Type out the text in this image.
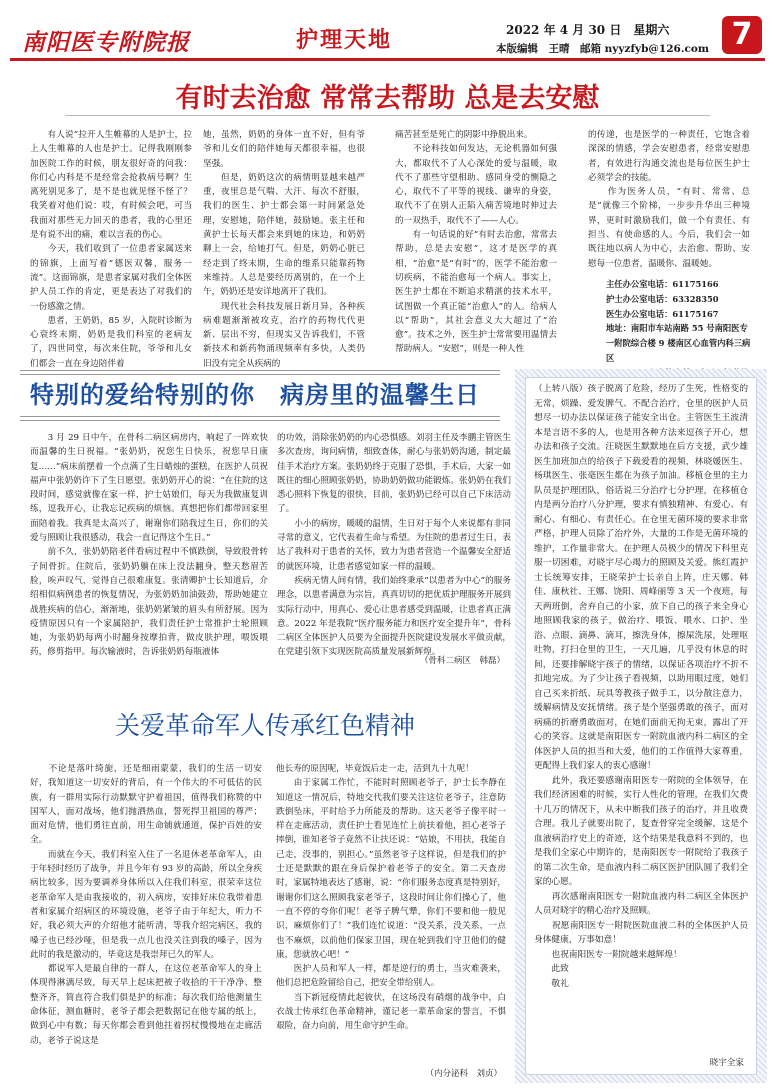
南阳医专附院报	护理天地	2022 年 4 月 30 日　星期六
本版编辑　王晴　邮箱 nyyzfyb@126.com 7
有时去治愈 常常去帮助 总是去安慰

　　有人说“拉开人生帷幕的人是护士，拉上人生帷幕的人也是护士。记得我刚刚参加医院工作的时候，朋友很好奇的问我：你们心内科是不是经常会抢救病号啊？生离死别见多了，是不是也就见怪不怪了？我笑着对他们说：哎，有时候会吧，可当我面对那些无力回天的患者，我的心里还是有说不出的痛，难以言表的伤心。
　　今天，我们收到了一位患者家属送来的锦旗，上面写着“德医双馨，服务一流”。这面锦旗，是患者家属对我们全体医护人员工作的肯定，更是表达了对我们的一份感激之情。
　　患者，王奶奶，85 岁，入院时诊断为心衰终末期，奶奶是我们科室的老病友了，四世同堂，每次来住院，爷爷和儿女们都会一直在身边陪伴着

她，虽然，奶奶的身体一直不好，但有爷爷和儿女们的陪伴她每天都很幸福，也很坚强。
　　但是，奶奶这次的病情明显越来越严重，夜里总是气喘、大汗、每次不舒服，我们的医生、护士都会第一时间紧急处理，安慰她，陪伴她，鼓励她。张主任和黄护士长每天都会来到她的床边，和奶奶聊上一会，给她打气。但是，奶奶心脏已经走到了终末期，生命的维系只能靠药物来维持。人总是要经历离别的，在一个上午，奶奶还是安详地离开了我们。
　　现代社会科技发展日新月异，各种疾病难题渐渐被攻克，治疗的药物代代更新、层出不穷，但现实又告诉我们，不管新技术和新药物涌现频率有多快，人类仍旧没有完全从疾病的

痛苦甚至是死亡的阴影中挣脱出来。
　　不论科技如何发达，无论机器如何强大，都取代不了人心深处的爱与温暖，取代不了那些守望相助、感同身受的恻隐之心，取代不了平等的视线、谦卑的身姿，取代不了在别人正陷入痛苦境地时伸过去的一双热手，取代不了——人心。
　　有一句话说的好“有时去治愈，常常去帮助，总是去安慰”，这才是医学的真相，“治愈”是“有时”的，医学不能治愈一切疾病，不能治愈每一个病人。事实上，医生护士都在不断追求精湛的技术水平，试图做一个真正能“治愈人”的人。给病人以“帮助”，其社会意义大大超过了“治愈”。技术之外，医生护士常常要用温情去帮助病人。“安慰”，则是一种人性

的传递，也是医学的一种责任，它饱含着深深的情感，学会安慰患者，经常安慰患者，有效进行沟通交流也是每位医生护士必须学会的技能。
　　作为医务人员，“有时、常常、总是”就像三个阶梯，一步步升华出三种境界，更时时激励我们，做一个有责任、有担当、有使命感的人。今后，我们会一如既往地以病人为中心，去治愈、帮助、安慰每一位患者，温暖你、温暖她。

主任办公室电话：61175166
护士办公室电话：63328350
医生办公室电话：61175167
地址：南阳市车站南路 55 号南阳医专一附院综合楼 9 楼南区心血管内科三病区
特别的爱给特别的你　病房里的温馨生日

　　3 月 29 日中午，在骨科二病区病房内，响起了一阵欢快而温馨的生日祝福。“张奶奶，祝您生日快乐，祝您早日康复……”病床前摆着一个点满了生日蜡烛的蛋糕，在医护人员祝福声中张奶奶许下了生日愿望。张奶奶开心的说：“在住院的这段时间，感觉就像在家一样，护士姑娘们，每天为我做康复训练，逗我开心，让我忘记疾病的烦恼。真想把你们都带回家里面陪着我。我真是太高兴了，谢谢你们陪我过生日，你们的关爱与照顾让我很感动，我会一直记得这个生日。”
　　前不久，张奶奶陪老伴看病过程中不慎跌倒，导致股骨转子间骨折。住院后，张奶奶躺在床上没法翻身，整天愁眉苦脸，唉声叹气，觉得自己很难康复。张清卿护士长知道后，介绍相似病例患者的恢复情况，为张奶奶加油鼓劲，帮助她建立战胜疾病的信心，渐渐地，张奶奶紧皱的眉头有所舒展。因为疫情原因只有一个家属陪护，我们责任护士常推护士轮照顾她，为张奶奶每两小时翻身按摩拍背，做皮肤护理，喂饭喂药，修剪指甲。每次输液时，告诉张奶奶每瓶液体

的功效，消除张奶奶的内心恐惧感。刘羽主任及李鹏主管医生多次查房，询问病情，细致查体，耐心与张奶奶沟通，制定最佳手术治疗方案。张奶奶终于克服了恐惧，手术后，大家一如既往的细心照顾张奶奶，协助奶奶做功能锻炼。张奶奶在我们悉心照料下恢复的很快，目前，张奶奶已经可以自己下床活动了。
　　小小的病房，暖暖的温情，生日对于每个人来说都有非同寻常的意义，它代表着生命与希望。为住院的患者过生日，表达了我科对于患者的关怀，致力为患者营造一个温馨安全舒适的就医环境，让患者感觉如家一样的温暖。
　　疾病无情人间有情，我们始终秉承“以患者为中心”的服务理念，以患者满意为宗旨，真真切切的把优质护理服务开展到实际行动中，用真心、爱心让患者感受到温暖，让患者真正满意。2022 年是我院“医疗服务能力和医疗安全提升年”，骨科二病区全体医护人员要为全面提升医院建设发展水平做贡献，在党建引领下实现医院高质量发展新辉煌。

（骨科二病区　韩磊）

（上转八版）孩子脱离了危险，经历了生死，性格变的无常，烦躁、爱发脾气、不配合治疗，仓里的医护人员想尽一切办法以保证孩子能安全出仓。主管医生王波清本是言语不多的人，也是用各种方法来逗孩子开心，想办法和孩子交流。汪晓医生默默地在后方支援，武少雄医生加班加点的给孩子下载爱看的视频，林晓媛医生、杨琪医生、张毫医生都在为孩子加油。移植仓里的主力队员是护理团队，俗话说三分治疗七分护理，在移植仓内是两分治疗八分护理，要求有慎独精神、有爱心、有耐心、有细心、有责任心。在仓里无菌环境的要求非常严格，护理人员除了治疗外，大量的工作是无菌环境的维护，工作量非常大。在护理人员极少的情况下科里克服一切困难，对晓宇尽心竭力的照顾及关爱。熊红霞护士长统筹安排，王晓荣护士长亲自上阵，庄天娜、韩佳、康秋社、王娜、饶阳、周峰丽等 3 天一个夜班，每天两班倒，舍弃自己的小家，放下自己的孩子来全身心地照顾我家的孩子，做治疗、喂饭、喂水、口护、坐浴、点眼、滴鼻、滴耳，擦洗身体，擦屎洗尿，处理呕吐物，打扫仓里的卫生，一天几遍，几乎没有休息的时间，还要排解晓宇孩子的情绪，以保证各项治疗不折不扣地完成。为了少让孩子看视频，以助用眼过度，她们自己买来折纸、玩具等教孩子做手工，以分散注意力，缓解病情及安抚情绪。孩子是个坚强勇敢的孩子，面对病痛的折磨勇敢面对，在她们面前无拘无束，露出了开心的笑容。这就是南阳医专一附院血液内科二病区的全体医护人员的担当和大爱，他们的工作值得大家尊重，更配得上我们家人的衷心感谢！
　　此外，我还要感谢南阳医专一附院的全体领导，在我们经济困难的时候，实行人性化的管理，在我们欠费十几万的情况下，从未中断我们孩子的治疗，并且收费合理。我儿子就要出院了，复查骨穿完全缓解，这是个血液病治疗史上的奇迹，这个结果是我意料不到的，也是我们全家心中期许的，是南阳医专一附院给了我孩子的第二次生命，是血液内科二病区医护团队圆了我们全家的心愿。
　　再次感谢南阳医专一附院血液内科二病区全体医护人员对晓宇的精心治疗及照顾。
　　祝愿南阳医专一附院医院血液二科的全体医护人员身体健康，万事如意！
　　也祝南阳医专一附院越来越辉煌！
　　此致
　　敬礼

晓宇全家
关爱革命军人传承红色精神

　　不论是落叶绮旎，还是细雨蒙蒙，我们的生活一切安好，我知道这一切安好的背后，有一个伟大的不可低估的民族，有一群用实际行动默默守护着祖国，值得我们称赞的中国军人，面对战场，他们抛洒热血，誓死捍卫祖国的尊严；面对危情，他们勇往直前，用生命铺就通道，保护百姓的安全。
　　而就在今天，我们科室入住了一名退休老革命军人，由于年轻时经历了战争，并且今年有 93 岁的高龄，所以全身疾病比较多，因为要调养身体所以入住我们科室，很荣幸这位老革命军人是由我接收的，初入病房，安排好床位我带着患者和家属介绍病区的环境设施，老爷子由于年纪大，听力不好，我必须大声的介绍他才能听清，等我介绍完病区，我的嗓子也已经沙哑，但是我一点儿也没关注到我的嗓子，因为此时的我是激动的，毕竟这是我崇拜已久的军人。
　　都说军人是最自律的一群人，在这位老革命军人的身上体现得淋漓尽致，每天早上起床把被子收拾的干干净净、整整齐齐，简直符合我们俱是护的标准；每次我们给他测量生命体征，测血糖时，老爷子都会把数据记在他专属的纸上，做到心中有数；每天你都会看到他拄着拐杖慢慢地在走廊活动，老爷子说这是

他长寿的原因呢，毕竟饭后走一走，活到九十九呢！
　　由于家属工作忙，不能时时照顾老爷子，护士长李静在知道这一情况后，特地交代我们要关注这位老爷子，注意防跌倒坠床，平时给予力所能及的帮助。这天老爷子像平时一样在走廊活动，责任护士看见连忙上前扶着他，担心老爷子摔倒，谁知老爷子竟然不让扶还说：“姑娘，不用扶，我能自己走，没事的，别担心。”虽然老爷子这样说，但是我们的护士还是默默的跟在身后保护着老爷子的安全。第二天查房时，家属特地表达了感谢，说：“你们服务态度真是特别好，谢谢你们这么照顾我家老爷子，这段时间让你们操心了，他一直不停的夸你们呢！老爷子脾气犟，你们不要和他一般见识，麻烦你们了！”我们连忙说道：“没关系，没关系，一点也不麻烦，以前他们保家卫国，现在轮到我们守卫他们的健康，您就放心吧！”
　　医护人员和军人一样，都是逆行的勇士，当灾难袭来，他们总把危险留给自己，把安全带给别人。
　　当下新冠疫情此起彼伏，在这场没有硝烟的战争中，白衣战士传承红色革命精神，谨记老一辈革命家的誓言，不惧艰险，奋力向前，用生命守护生命。

（内分泌科　刘贞）
